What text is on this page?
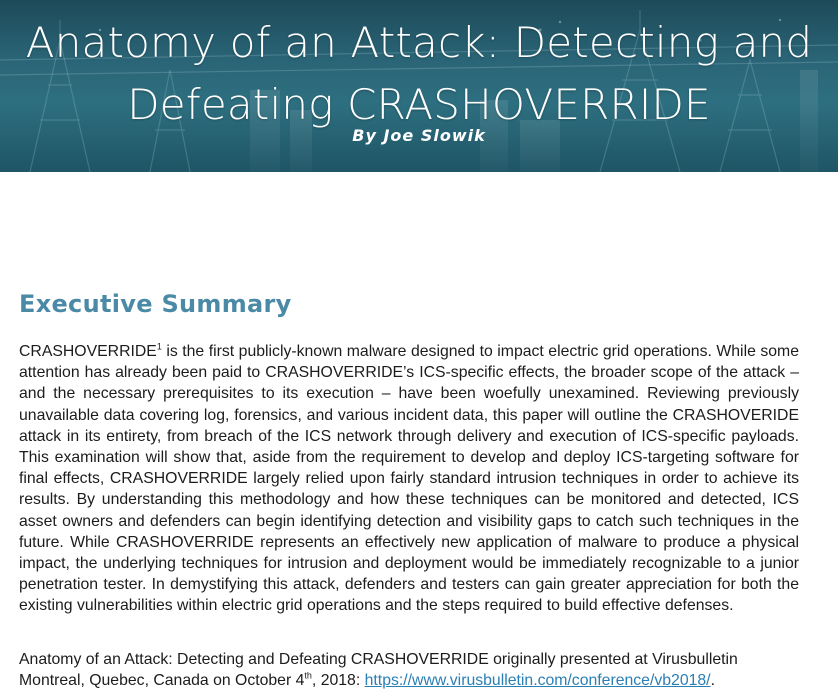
Anatomy of an Attack: Detecting and
Defeating CRASHOVERRIDE
By Joe Slowik
Executive Summary

CRASHOVERRIDE$^1$ is the first publicly-known malware designed to impact electric grid operations. While some attention has already been paid to CRASHOVERRIDE’s ICS-specific effects, the broader scope of the attack – and the necessary prerequisites to its execution – have been woefully unexamined. Reviewing previously unavailable data covering log, forensics, and various incident data, this paper will outline the CRASHOVERIDE attack in its entirety, from breach of the ICS network through delivery and execution of ICS-specific payloads. This examination will show that, aside from the requirement to develop and deploy ICS-targeting software for final effects, CRASHOVERRIDE largely relied upon fairly standard intrusion techniques in order to achieve its results. By understanding this methodology and how these techniques can be monitored and detected, ICS asset owners and defenders can begin identifying detection and visibility gaps to catch such techniques in the future. While CRASHOVERRIDE represents an effectively new application of malware to produce a physical impact, the underlying techniques for intrusion and deployment would be immediately recognizable to a junior penetration tester. In demystifying this attack, defenders and testers can gain greater appreciation for both the existing vulnerabilities within electric grid operations and the steps required to build effective defenses.

Anatomy of an Attack: Detecting and Defeating CRASHOVERRIDE originally presented at Virusbulletin Montreal, Quebec, Canada on October 4th, 2018: https://www.virusbulletin.com/conference/vb2018/.
